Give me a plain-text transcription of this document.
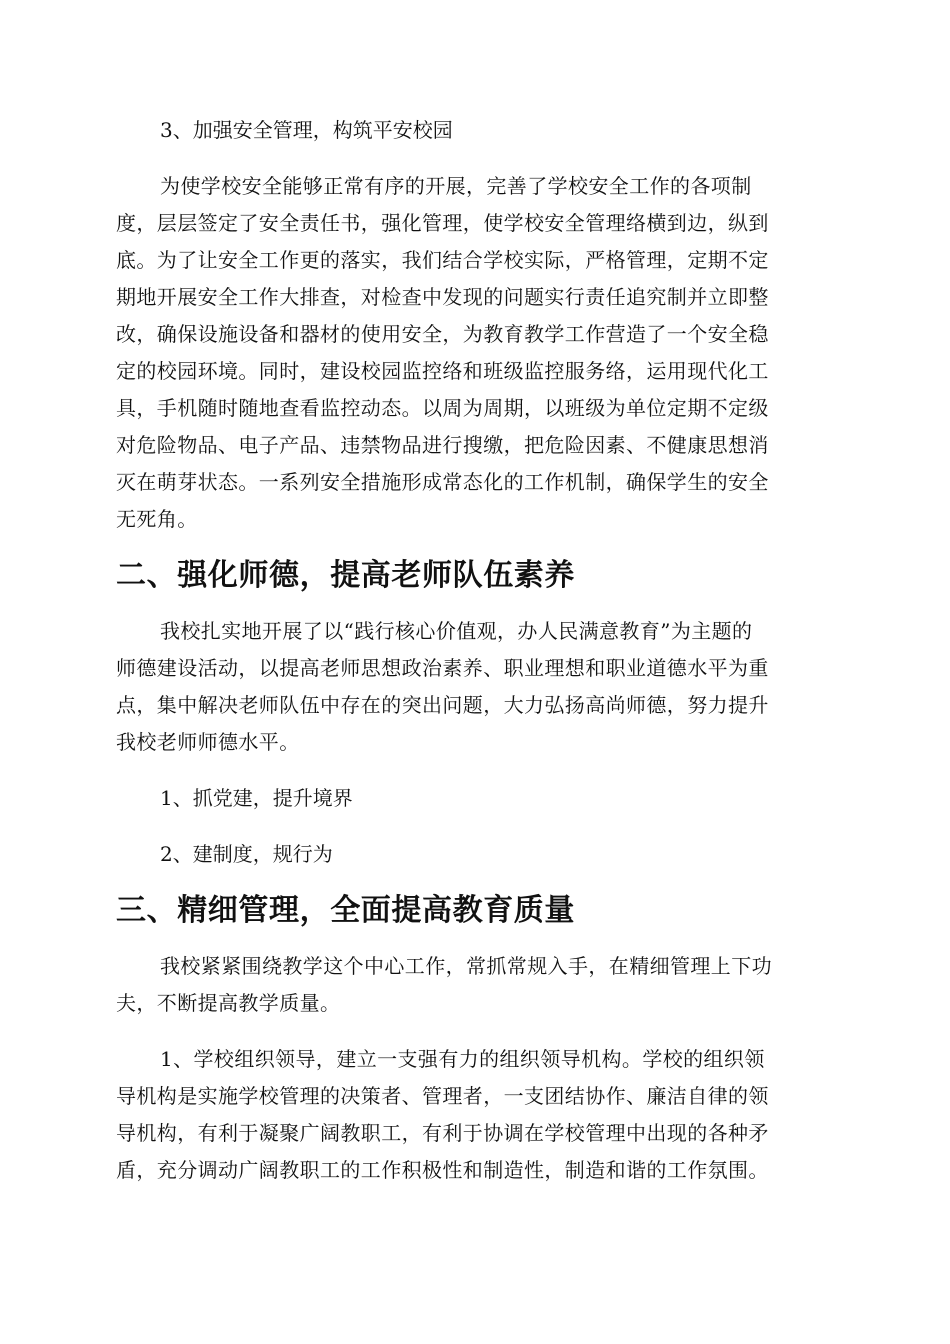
3、加强安全管理，构筑平安校园

为使学校安全能够正常有序的开展，完善了学校安全工作的各项制
度，层层签定了安全责任书，强化管理，使学校安全管理络横到边，纵到
底。为了让安全工作更的落实，我们结合学校实际，严格管理，定期不定
期地开展安全工作大排查，对检查中发现的问题实行责任追究制并立即整
改，确保设施设备和器材的使用安全，为教育教学工作营造了一个安全稳
定的校园环境。同时，建设校园监控络和班级监控服务络，运用现代化工
具，手机随时随地查看监控动态。以周为周期，以班级为单位定期不定级
对危险物品、电子产品、违禁物品进行搜缴，把危险因素、不健康思想消
灭在萌芽状态。一系列安全措施形成常态化的工作机制，确保学生的安全
无死角。

二、强化师德，提高老师队伍素养

我校扎实地开展了以“践行核心价值观，办人民满意教育”为主题的
师德建设活动，以提高老师思想政治素养、职业理想和职业道德水平为重
点，集中解决老师队伍中存在的突出问题，大力弘扬高尚师德，努力提升
我校老师师德水平。

1、抓党建，提升境界

2、建制度，规行为

三、精细管理，全面提高教育质量

我校紧紧围绕教学这个中心工作，常抓常规入手，在精细管理上下功
夫，不断提高教学质量。

1、学校组织领导，建立一支强有力的组织领导机构。学校的组织领
导机构是实施学校管理的决策者、管理者，一支团结协作、廉洁自律的领
导机构，有利于凝聚广阔教职工，有利于协调在学校管理中出现的各种矛
盾，充分调动广阔教职工的工作积极性和制造性，制造和谐的工作氛围。
